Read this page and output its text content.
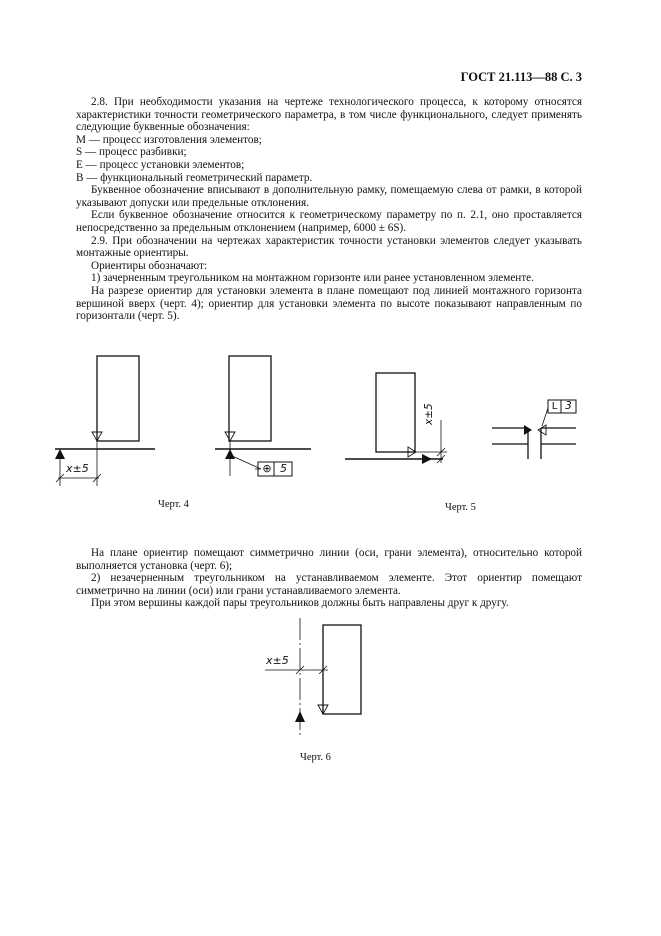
ГОСТ 21.113—88 С. 3

2.8. При необходимости указания на чертеже технологического процесса, к которому относятся характеристики точности геометрического параметра, в том числе функционального, следует применять следующие буквенные обозначения:

М — процесс изготовления элементов;

S — процесс разбивки;

Е — процесс установки элементов;

В — функциональный геометрический параметр.

Буквенное обозначение вписывают в дополнительную рамку, помещаемую слева от рамки, в которой указывают допуски или предельные отклонения.

Если буквенное обозначение относится к геометрическому параметру по п. 2.1, оно проставляется непосредственно за предельным отклонением (например, 6000 ± 6S).

2.9. При обозначении на чертежах характеристик точности установки элементов следует указывать монтажные ориентиры.

Ориентиры обозначают:

1) зачерненным треугольником на монтажном горизонте или ранее установленном элементе.

На разрезе ориентир для установки элемента в плане помещают под линией монтажного горизонта вершиной вверх (черт. 4); ориентир для установки элемента по высоте показывают направленным по горизонтали (черт. 5).

x±5	⊕ 5
Черт. 4
x±5	L 3
Черт. 5

На плане ориентир помещают симметрично линии (оси, грани элемента), относительно которой выполняется установка (черт. 6);

2) незачерненным треугольником на устанавливаемом элементе. Этот ориентир помещают симметрично на линии (оси) или грани устанавливаемого элемента.

При этом вершины каждой пары треугольников должны быть направлены друг к другу.

x±5
Черт. 6
